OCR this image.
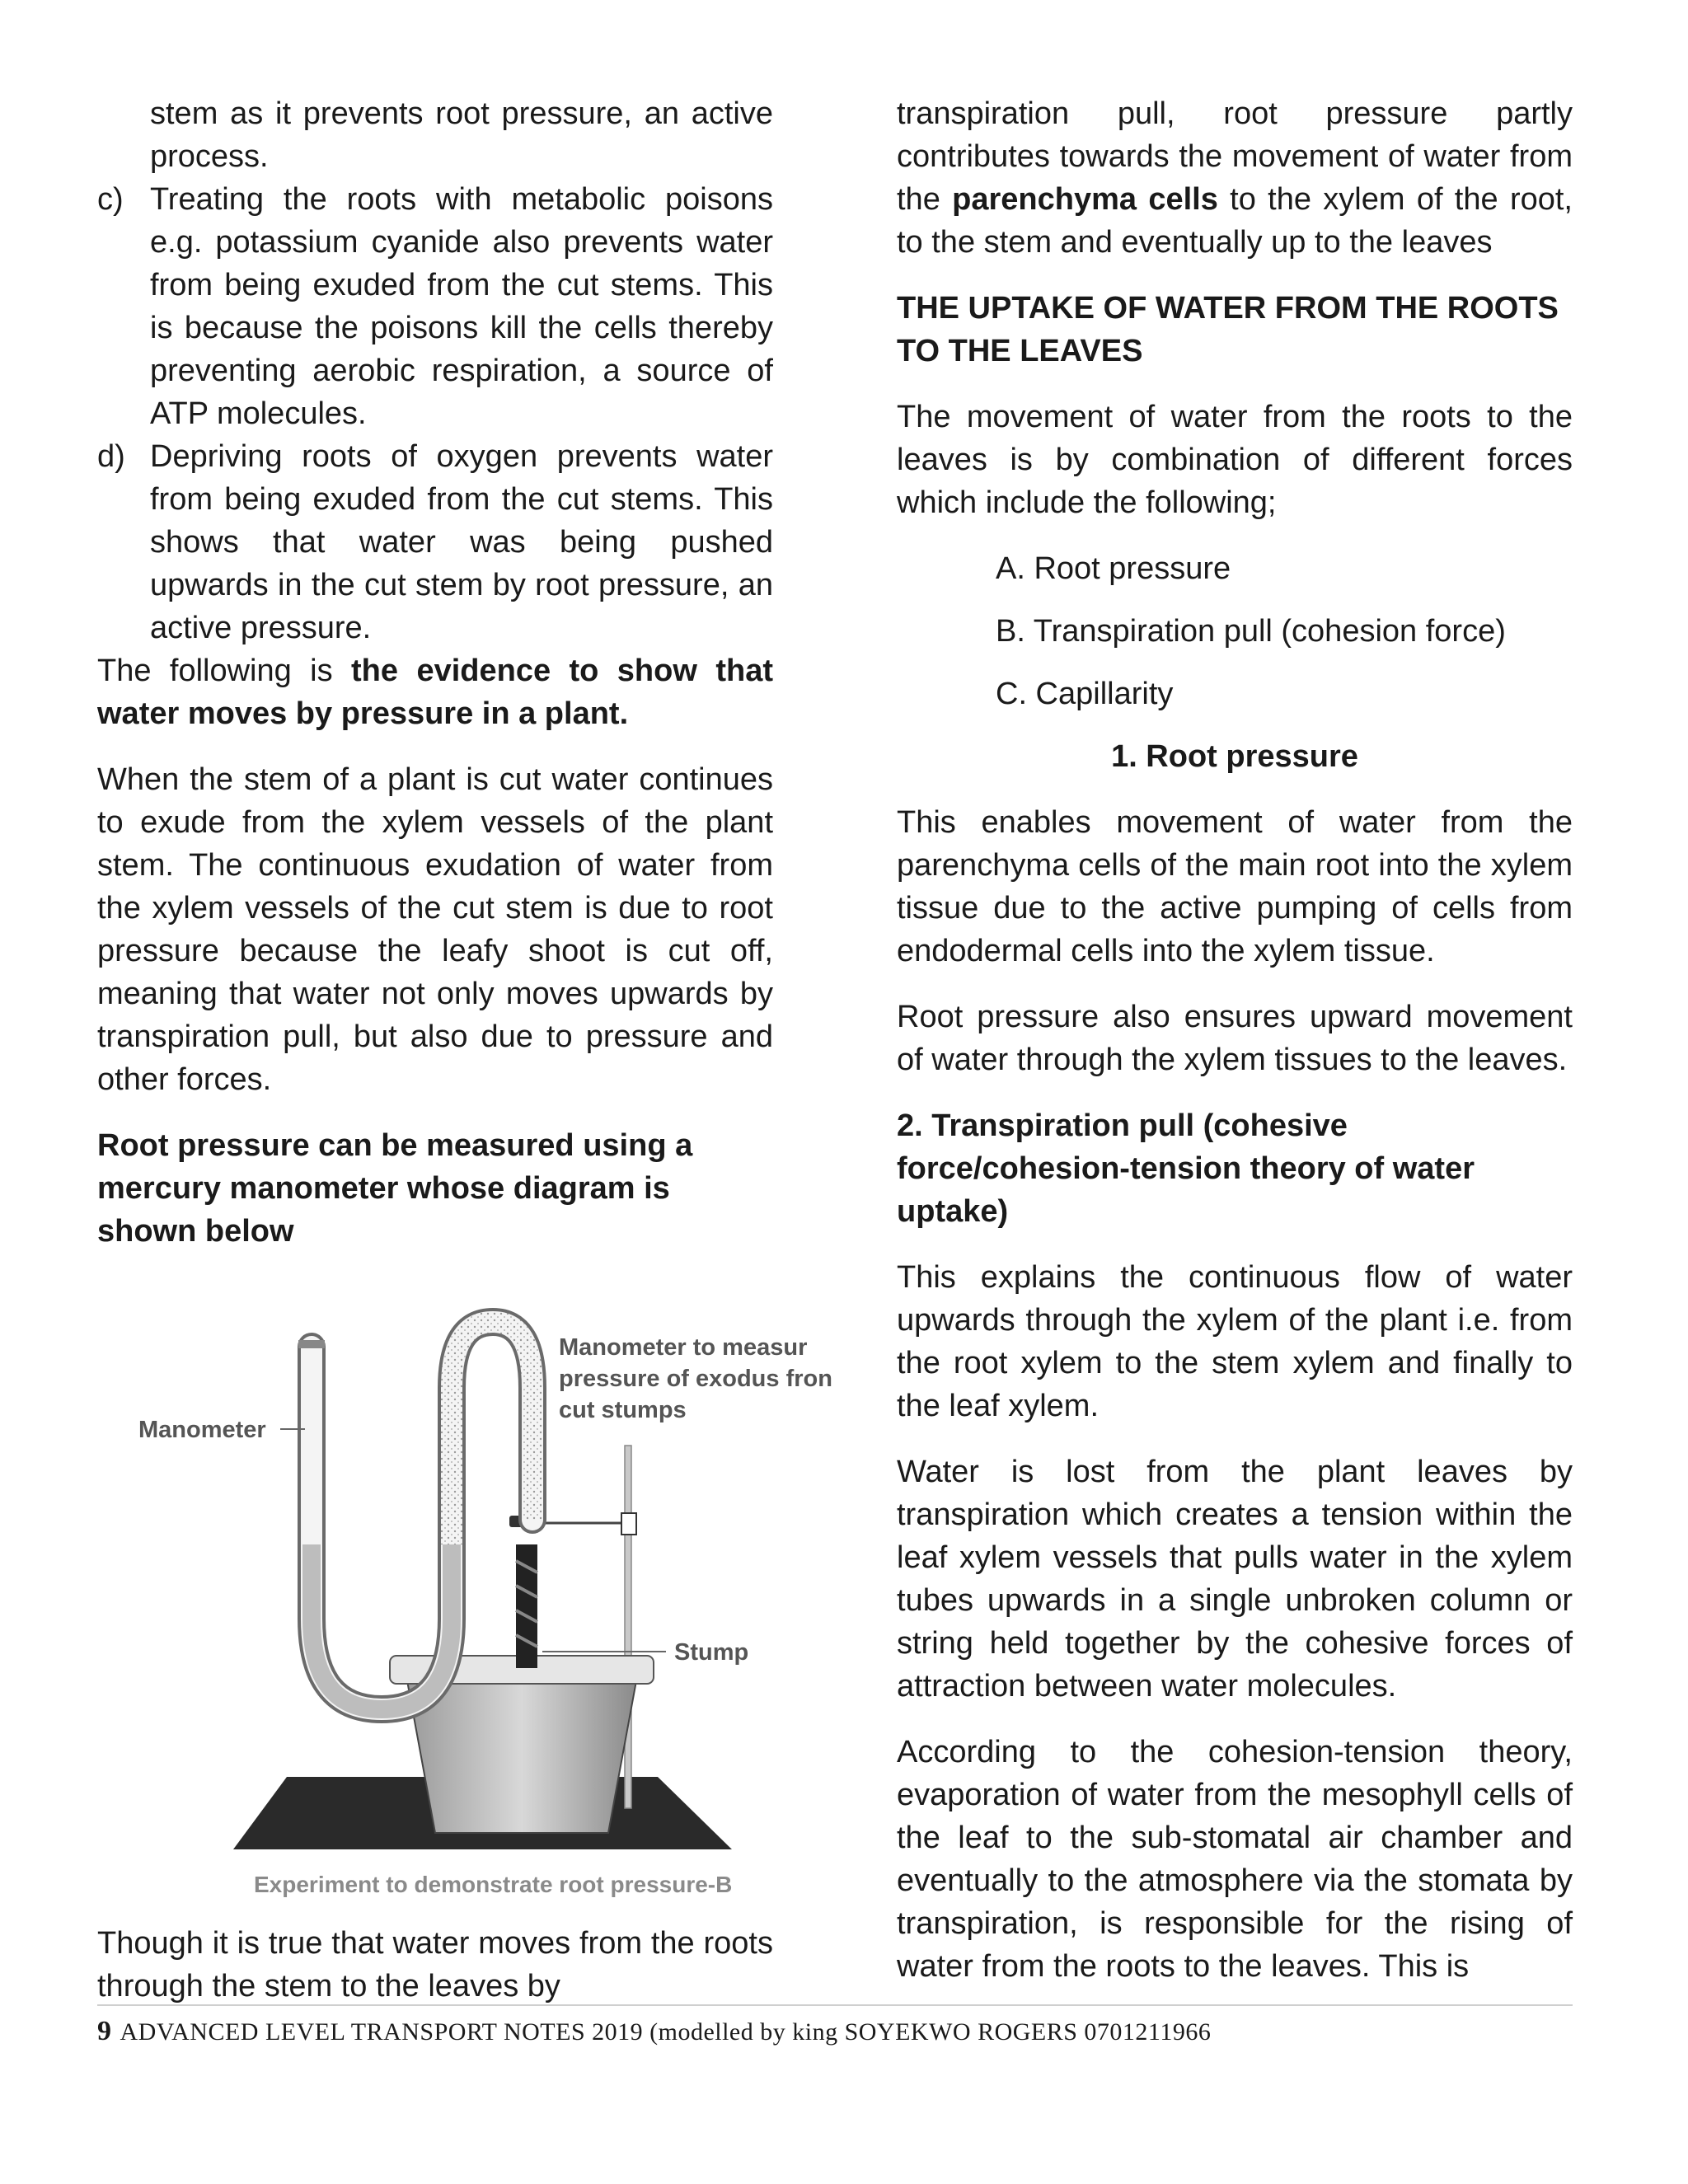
stem as it prevents root pressure, an active process.

c) Treating the roots with metabolic poisons e.g. potassium cyanide also prevents water from being exuded from the cut stems. This is because the poisons kill the cells thereby preventing aerobic respiration, a source of ATP molecules.

d) Depriving roots of oxygen prevents water from being exuded from the cut stems. This shows that water was being pushed upwards in the cut stem by root pressure, an active pressure.

The following is the evidence to show that water moves by pressure in a plant.

When the stem of a plant is cut water continues to exude from the xylem vessels of the plant stem. The continuous exudation of water from the xylem vessels of the cut stem is due to root pressure because the leafy shoot is cut off, meaning that water not only moves upwards by transpiration pull, but also due to pressure and other forces.

Root pressure can be measured using a mercury manometer whose diagram is shown below

Manometer to measur
pressure of exodus fron
cut stumps
Manometer
Stump
Experiment to demonstrate root pressure-B

Though it is true that water moves from the roots through the stem to the leaves by

transpiration pull, root pressure partly contributes towards the movement of water from the parenchyma cells to the xylem of the root, to the stem and eventually up to the leaves

THE UPTAKE OF WATER FROM THE ROOTS TO THE LEAVES

The movement of water from the roots to the leaves is by combination of different forces which include the following;

A. Root pressure
B. Transpiration pull (cohesion force)
C. Capillarity

1. Root pressure

This enables movement of water from the parenchyma cells of the main root into the xylem tissue due to the active pumping of cells from endodermal cells into the xylem tissue.

Root pressure also ensures upward movement of water through the xylem tissues to the leaves.

2. Transpiration pull (cohesive force/cohesion-tension theory of water uptake)

This explains the continuous flow of water upwards through the xylem of the plant i.e. from the root xylem to the stem xylem and finally to the leaf xylem.

Water is lost from the plant leaves by transpiration which creates a tension within the leaf xylem vessels that pulls water in the xylem tubes upwards in a single unbroken column or string held together by the cohesive forces of attraction between water molecules.

According to the cohesion-tension theory, evaporation of water from the mesophyll cells of the leaf to the sub-stomatal air chamber and eventually to the atmosphere via the stomata by transpiration, is responsible for the rising of water from the roots to the leaves. This is

9 ADVANCED LEVEL TRANSPORT NOTES 2019 (modelled by king SOYEKWO ROGERS 0701211966
